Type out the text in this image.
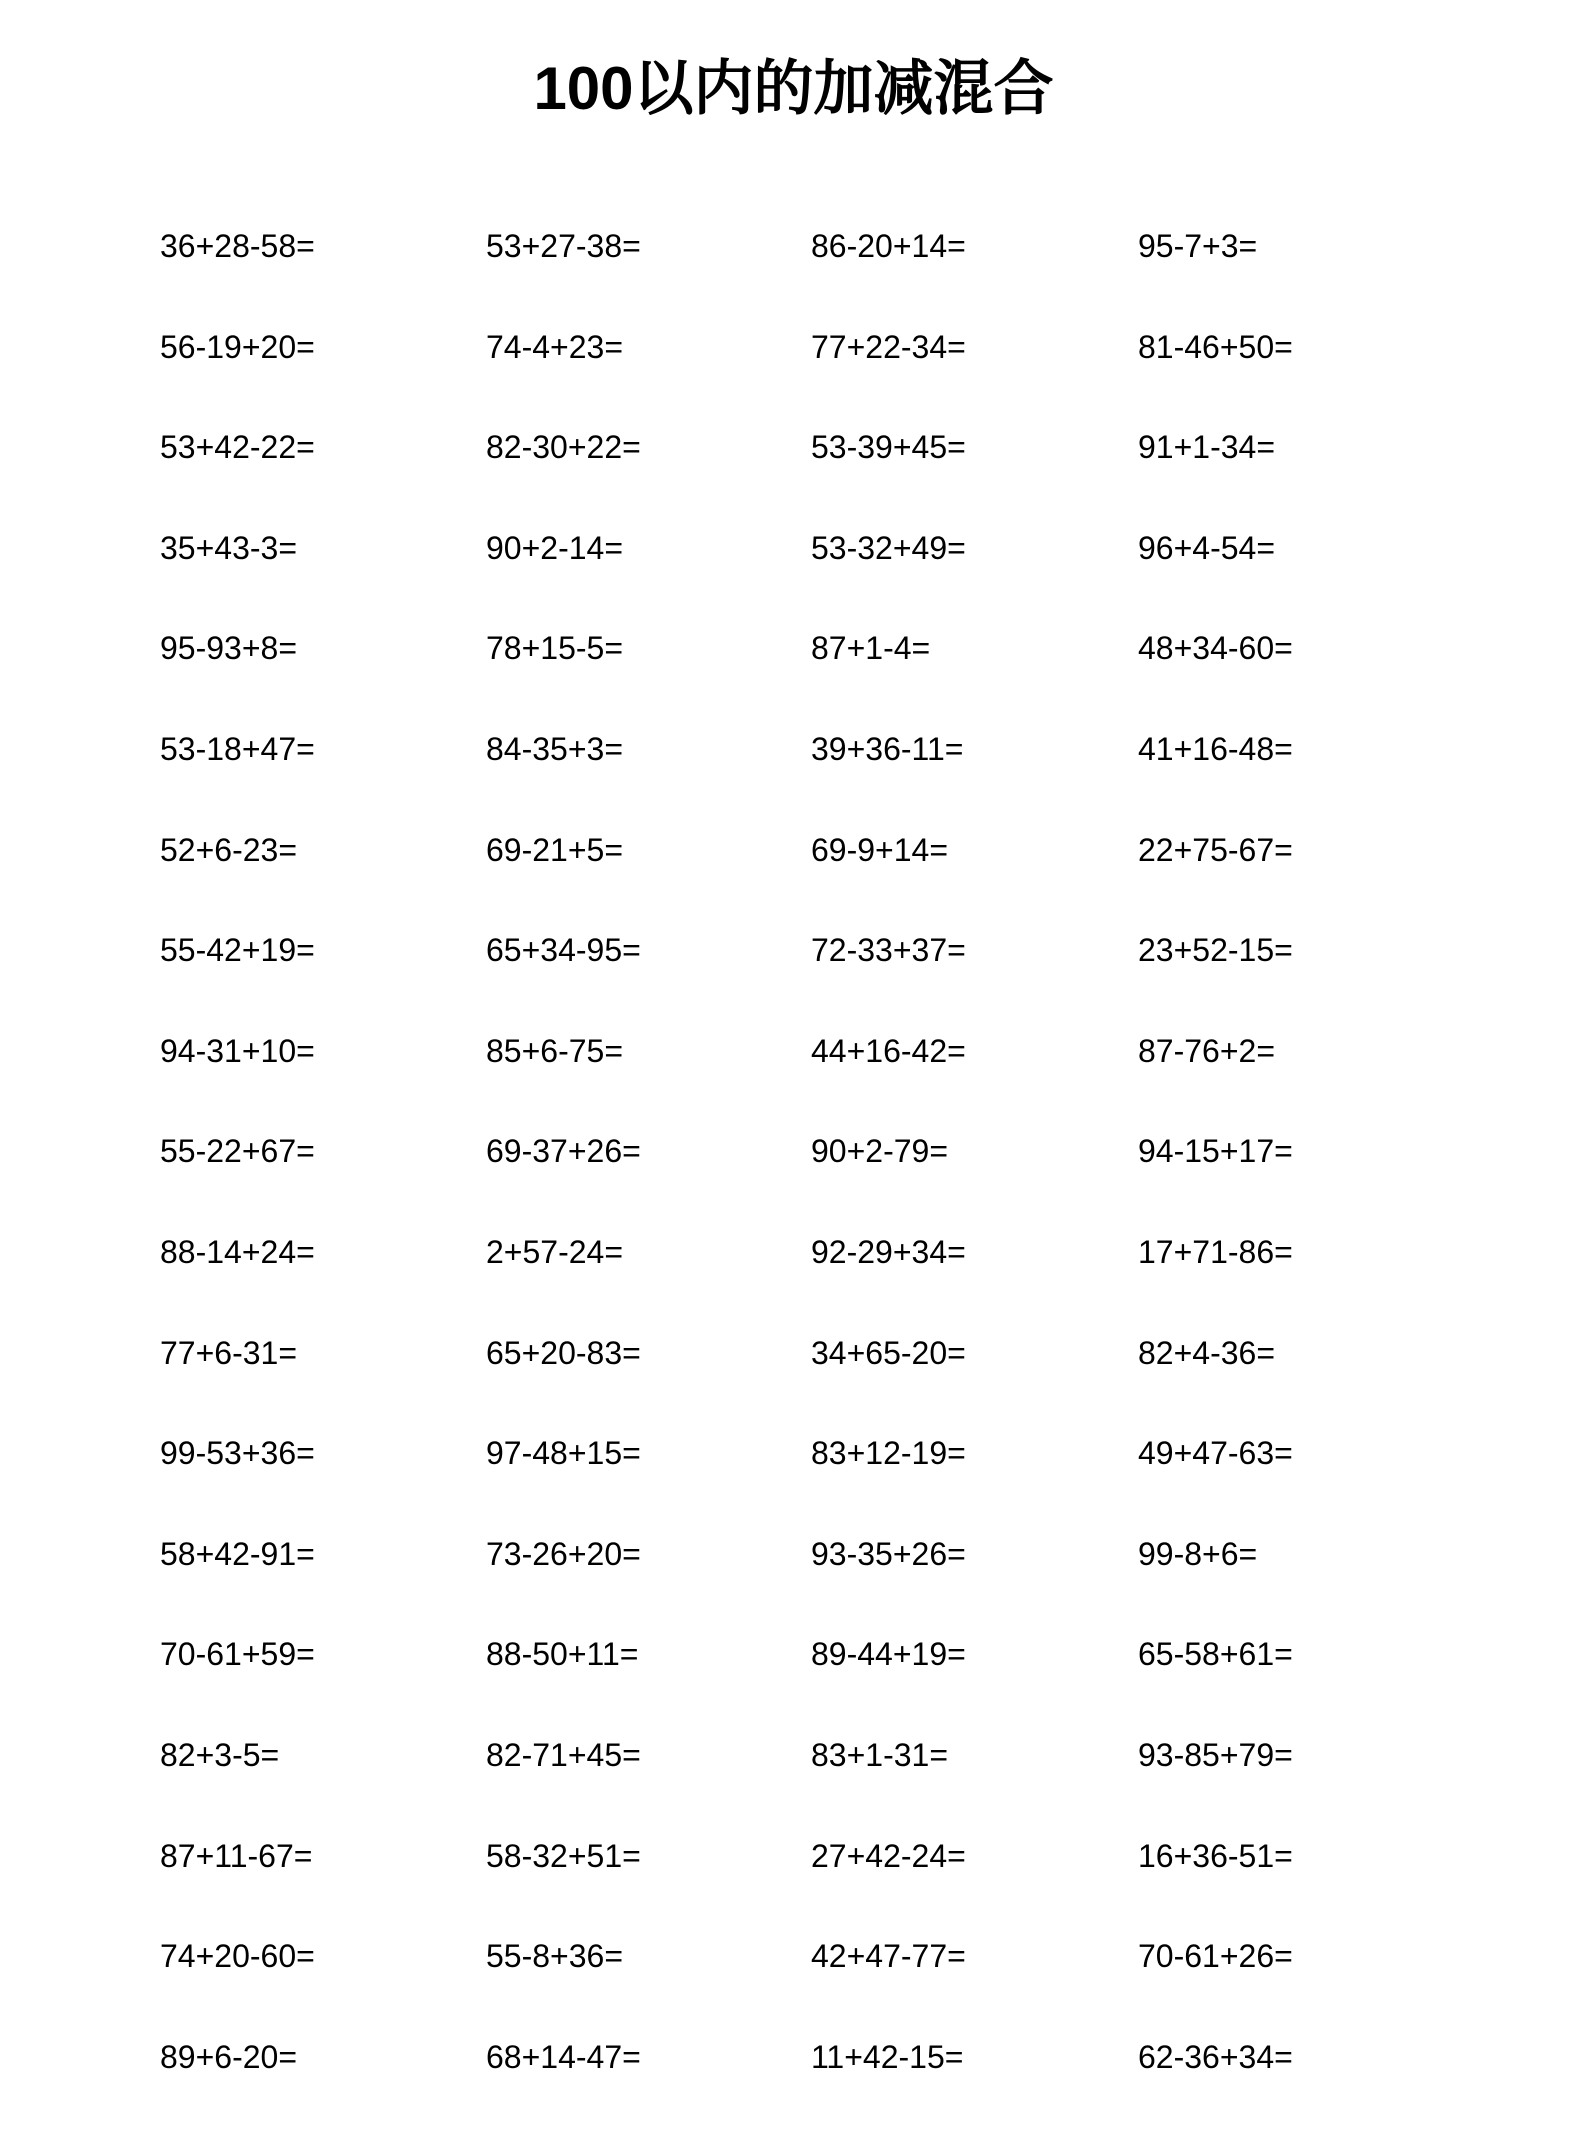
100以内的加减混合
36+28-58=	53+27-38=	86-20+14=	95-7+3=
56-19+20=	74-4+23=	77+22-34=	81-46+50=
53+42-22=	82-30+22=	53-39+45=	91+1-34=
35+43-3=	90+2-14=	53-32+49=	96+4-54=
95-93+8=	78+15-5=	87+1-4=	48+34-60=
53-18+47=	84-35+3=	39+36-11=	41+16-48=
52+6-23=	69-21+5=	69-9+14=	22+75-67=
55-42+19=	65+34-95=	72-33+37=	23+52-15=
94-31+10=	85+6-75=	44+16-42=	87-76+2=
55-22+67=	69-37+26=	90+2-79=	94-15+17=
88-14+24=	2+57-24=	92-29+34=	17+71-86=
77+6-31=	65+20-83=	34+65-20=	82+4-36=
99-53+36=	97-48+15=	83+12-19=	49+47-63=
58+42-91=	73-26+20=	93-35+26=	99-8+6=
70-61+59=	88-50+11=	89-44+19=	65-58+61=
82+3-5=	82-71+45=	83+1-31=	93-85+79=
87+11-67=	58-32+51=	27+42-24=	16+36-51=
74+20-60=	55-8+36=	42+47-77=	70-61+26=
89+6-20=	68+14-47=	11+42-15=	62-36+34=
